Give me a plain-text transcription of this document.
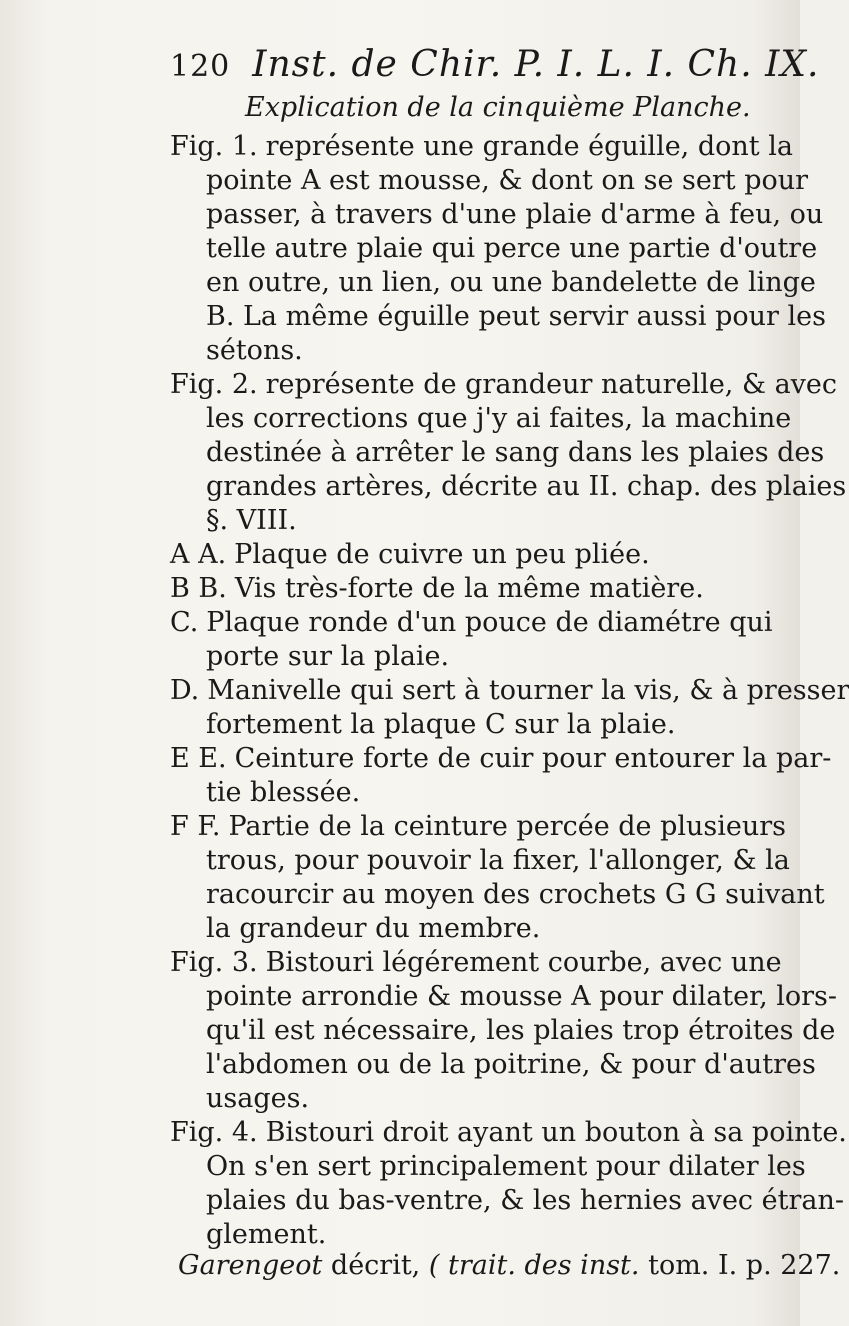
120 Inst. de Chir. P. I. L. I. Ch. IX.
Explication de la cinquième Planche.
Fig. 1. représente une grande éguille, dont la
pointe A est mousse, & dont on se sert pour
passer, à travers d'une plaie d'arme à feu, ou
telle autre plaie qui perce une partie d'outre
en outre, un lien, ou une bandelette de linge
B. La même éguille peut servir aussi pour les
sétons.
Fig. 2. représente de grandeur naturelle, & avec
les corrections que j'y ai faites, la machine
destinée à arrêter le sang dans les plaies des
grandes artères, décrite au II. chap. des plaies
§. VIII.
A A. Plaque de cuivre un peu pliée.
B B. Vis très-forte de la même matière.
C. Plaque ronde d'un pouce de diamétre qui
porte sur la plaie.
D. Manivelle qui sert à tourner la vis, & à presser
fortement la plaque C sur la plaie.
E E. Ceinture forte de cuir pour entourer la par-
tie blessée.
F F. Partie de la ceinture percée de plusieurs
trous, pour pouvoir la fixer, l'allonger, & la
racourcir au moyen des crochets G G suivant
la grandeur du membre.
Fig. 3. Bistouri légérement courbe, avec une
pointe arrondie & mousse A pour dilater, lors-
qu'il est nécessaire, les plaies trop étroites de
l'abdomen ou de la poitrine, & pour d'autres
usages.
Fig. 4. Bistouri droit ayant un bouton à sa pointe.
On s'en sert principalement pour dilater les
plaies du bas-ventre, & les hernies avec étran-
glement.
Garengeot décrit, ( trait. des inst. tom. I. p. 227.
